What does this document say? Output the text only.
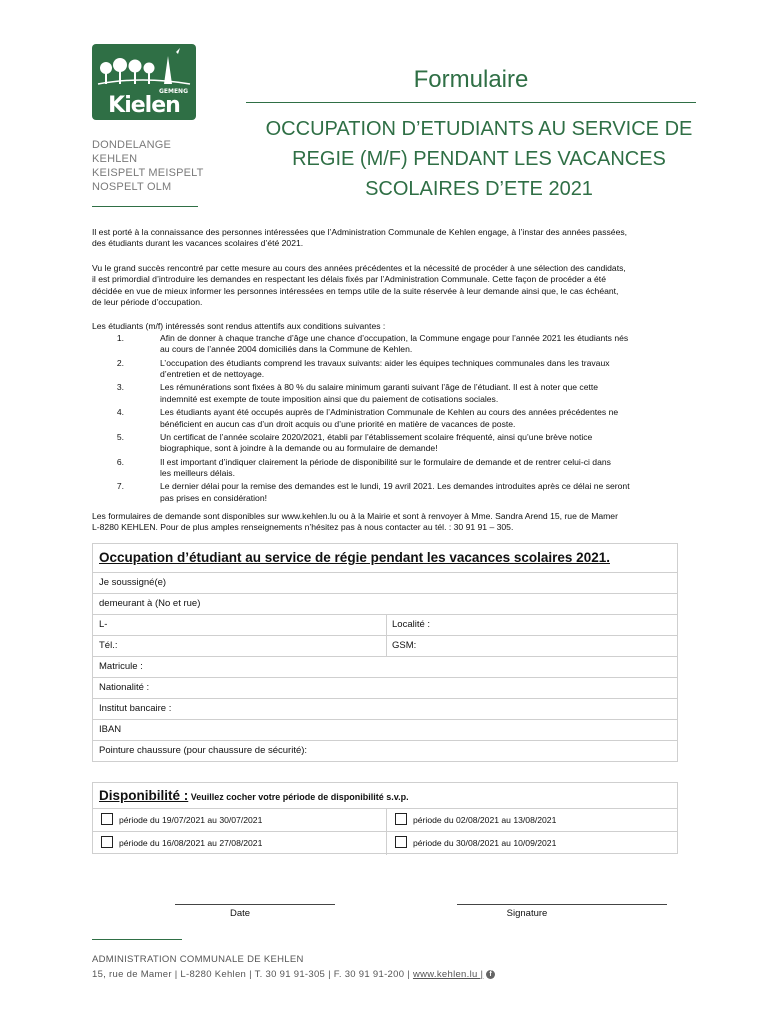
GEMENG
Kielen
DONDELANGE
KEHLEN
KEISPELT MEISPELT
NOSPELT OLM
Formulaire
OCCUPATION D’ETUDIANTS AU SERVICE DE
REGIE (M/F) PENDANT LES VACANCES
SCOLAIRES D’ETE 2021
Il est porté à la connaissance des personnes intéressées que l’Administration Communale de Kehlen engage, à l’instar des années passées,
des étudiants durant les vacances scolaires d’été 2021.
Vu le grand succès rencontré par cette mesure au cours des années précédentes et la nécessité de procéder à une sélection des candidats,
il est primordial d’introduire les demandes en respectant les délais fixés par l’Administration Communale. Cette façon de procéder a été
décidée en vue de mieux informer les personnes intéressées en temps utile de la suite réservée à leur demande ainsi que, le cas échéant,
de leur période d’occupation.
Les étudiants (m/f) intéressés sont rendus attentifs aux conditions suivantes :
1.	Afin de donner à chaque tranche d’âge une chance d’occupation, la Commune engage pour l’année 2021 les étudiants nés
au cours de l’année 2004 domiciliés dans la Commune de Kehlen.
2.	L’occupation des étudiants comprend les travaux suivants: aider les équipes techniques communales dans les travaux
d’entretien et de nettoyage.
3.	Les rémunérations sont fixées à 80 % du salaire minimum garanti suivant l’âge de l’étudiant. Il est à noter que cette
indemnité est exempte de toute imposition ainsi que du paiement de cotisations sociales.
4.	Les étudiants ayant été occupés auprès de l’Administration Communale de Kehlen au cours des années précédentes ne
bénéficient en aucun cas d’un droit acquis ou d’une priorité en matière de vacances de poste.
5.	Un certificat de l’année scolaire 2020/2021, établi par l’établissement scolaire fréquenté, ainsi qu’une brève notice
biographique, sont à joindre à la demande ou au formulaire de demande!
6.	Il est important d’indiquer clairement la période de disponibilité sur le formulaire de demande et de rentrer celui-ci dans
les meilleurs délais.
7.	Le dernier délai pour la remise des demandes est le lundi, 19 avril 2021. Les demandes introduites après ce délai ne seront
pas prises en considération!
Les formulaires de demande sont disponibles sur www.kehlen.lu ou à la Mairie et sont à renvoyer à Mme. Sandra Arend 15, rue de Mamer
L-8280 KEHLEN. Pour de plus amples renseignements n’hésitez pas à nous contacter au tél. : 30 91 91 – 305.
Occupation d’étudiant au service de régie pendant les vacances scolaires 2021.
Je soussigné(e)
demeurant à (No et rue)
L-	Localité :
Tél.:	GSM:
Matricule :
Nationalité :
Institut bancaire :
IBAN
Pointure chaussure (pour chaussure de sécurité):
Disponibilité : Veuillez cocher votre période de disponibilité s.v.p.
période du 19/07/2021 au 30/07/2021	période du 02/08/2021 au 13/08/2021
période du 16/08/2021 au 27/08/2021	période du 30/08/2021 au 10/09/2021
Date	Signature
ADMINISTRATION COMMUNALE DE KEHLEN
15, rue de Mamer | L-8280 Kehlen | T. 30 91 91-305 | F. 30 91 91-200 | www.kehlen.lu | f
